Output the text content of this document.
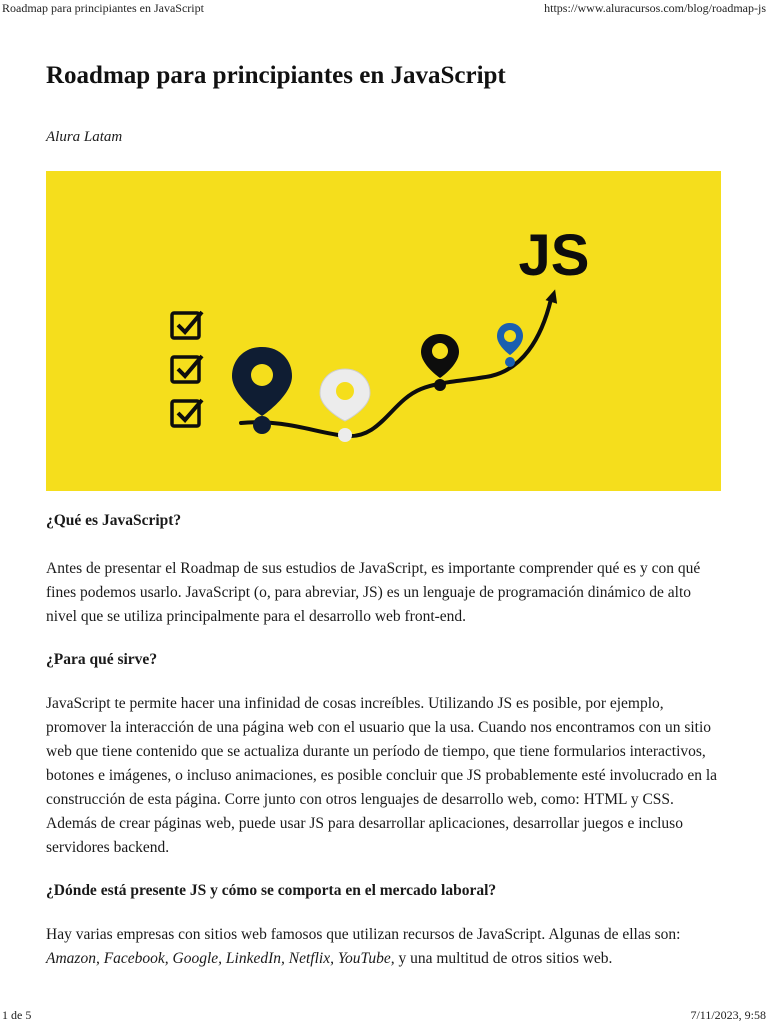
Roadmap para principiantes en JavaScript	https://www.aluracursos.com/blog/roadmap-js
Roadmap para principiantes en JavaScript
Alura Latam
JS
¿Qué es JavaScript?

Antes de presentar el Roadmap de sus estudios de JavaScript, es importante comprender qué es y con qué fines podemos usarlo. JavaScript (o, para abreviar, JS) es un lenguaje de programación dinámico de alto nivel que se utiliza principalmente para el desarrollo web front-end.

¿Para qué sirve?

JavaScript te permite hacer una infinidad de cosas increíbles. Utilizando JS es posible, por ejemplo, promover la interacción de una página web con el usuario que la usa. Cuando nos encontramos con un sitio web que tiene contenido que se actualiza durante un período de tiempo, que tiene formularios interactivos, botones e imágenes, o incluso animaciones, es posible concluir que JS probablemente esté involucrado en la construcción de esta página. Corre junto con otros lenguajes de desarrollo web, como: HTML y CSS. Además de crear páginas web, puede usar JS para desarrollar aplicaciones, desarrollar juegos e incluso servidores backend.

¿Dónde está presente JS y cómo se comporta en el mercado laboral?

Hay varias empresas con sitios web famosos que utilizan recursos de JavaScript. Algunas de ellas son: Amazon, Facebook, Google, LinkedIn, Netflix, YouTube, y una multitud de otros sitios web.

1 de 5	7/11/2023, 9:58
